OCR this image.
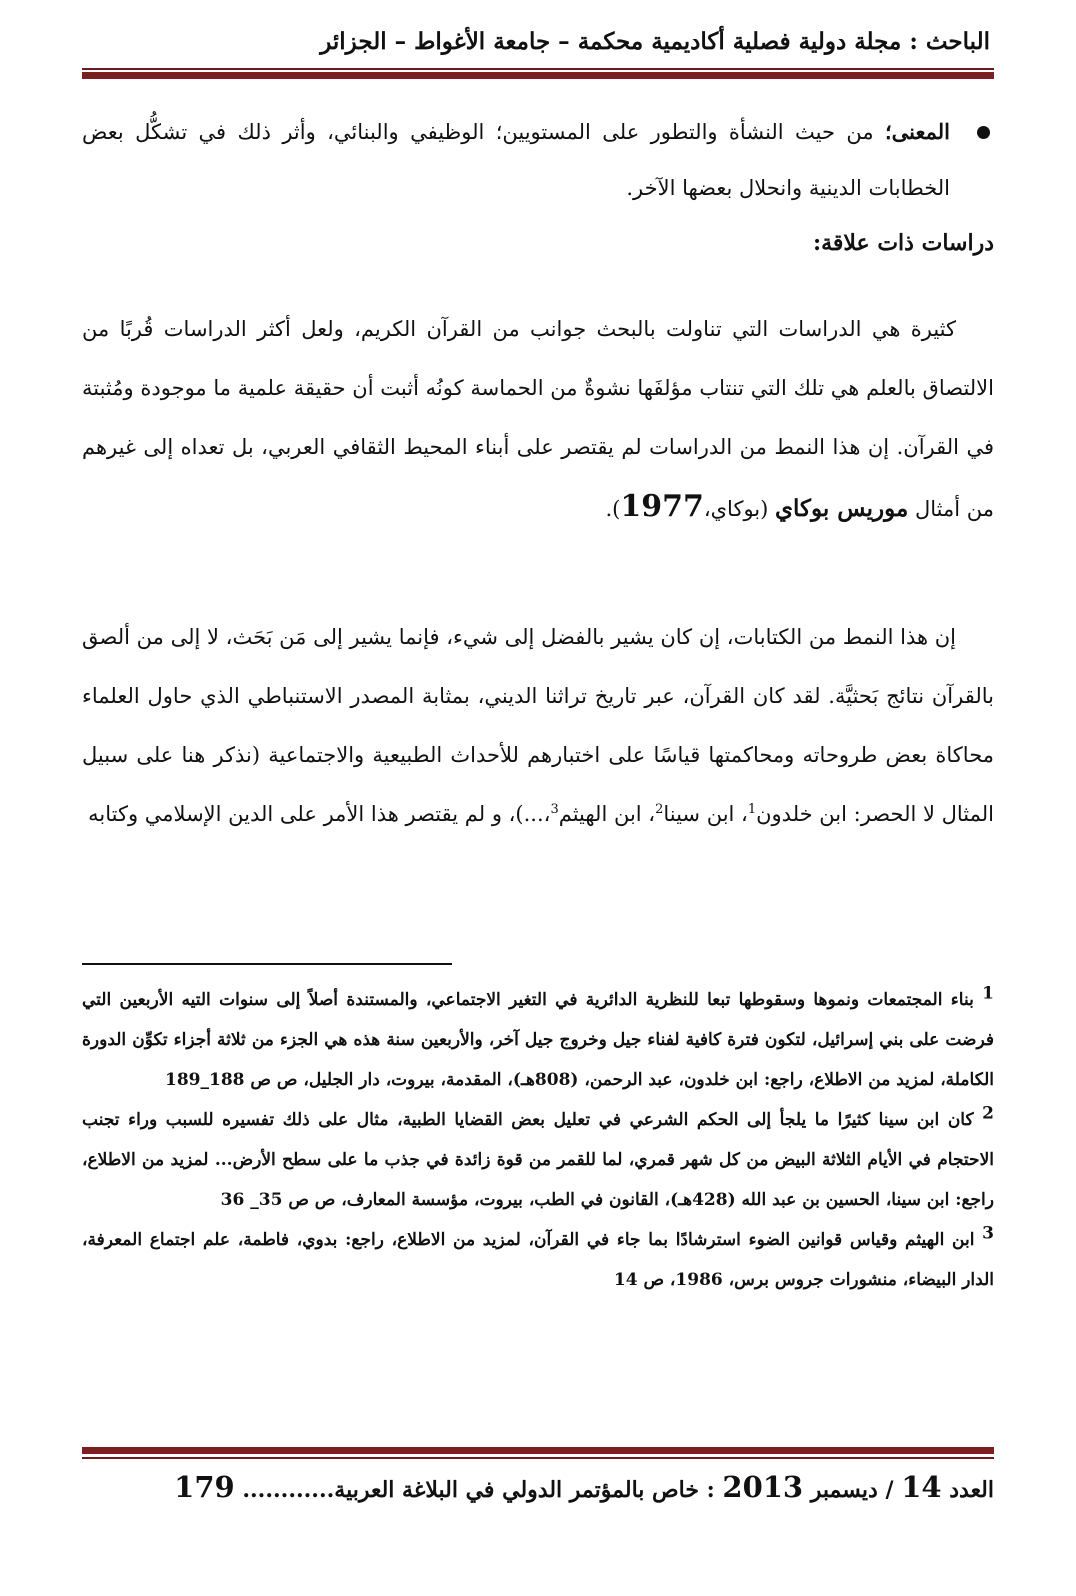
الباحث : مجلة دولية فصلية أكاديمية محكمة – جامعة الأغواط – الجزائر
المعنى؛ من حيث النشأة والتطور على المستويين؛ الوظيفي والبنائي، وأثر ذلك في تشكُّل بعض الخطابات الدينية وانحلال بعضها الآخر.
دراسات ذات علاقة:
كثيرة هي الدراسات التي تناولت بالبحث جوانب من القرآن الكريم، ولعل أكثر الدراسات قُربًا من الالتصاق بالعلم هي تلك التي تنتاب مؤلفَها نشوةٌ من الحماسة كونُه أثبت أن حقيقة علمية ما موجودة ومُثبتة في القرآن. إن هذا النمط من الدراسات لم يقتصر على أبناء المحيط الثقافي العربي، بل تعداه إلى غيرهم من أمثال موريس بوكاي (بوكاي،1977).
إن هذا النمط من الكتابات، إن كان يشير بالفضل إلى شيء، فإنما يشير إلى مَن بَحَث، لا إلى من ألصق بالقرآن نتائج بَحثيَّة. لقد كان القرآن، عبر تاريخ تراثنا الديني، بمثابة المصدر الاستنباطي الذي حاول العلماء محاكاة بعض طروحاته ومحاكمتها قياسًا على اختبارهم للأحداث الطبيعية والاجتماعية (نذكر هنا على سبيل المثال لا الحصر: ابن خلدون$^1$، ابن سينا$^2$، ابن الهيثم$^3$،...)، و لم يقتصر هذا الأمر على الدين الإسلامي وكتابه
$^1$ بناء المجتمعات ونموها وسقوطها تبعا للنظرية الدائرية في التغير الاجتماعي، والمستندة أصلاً إلى سنوات التيه الأربعين التي فرضت على بني إسرائيل، لتكون فترة كافية لفناء جيل وخروج جيل آخر، والأربعين سنة هذه هي الجزء من ثلاثة أجزاء تكوِّن الدورة الكاملة، لمزيد من الاطلاع، راجع: ابن خلدون، عبد الرحمن، (808هـ)، المقدمة، بيروت، دار الجليل، ص ص 188_189
$^2$ كان ابن سينا كثيرًا ما يلجأ إلى الحكم الشرعي في تعليل بعض القضايا الطبية، مثال على ذلك تفسيره للسبب وراء تجنب الاحتجام في الأيام الثلاثة البيض من كل شهر قمري، لما للقمر من قوة زائدة في جذب ما على سطح الأرض... لمزيد من الاطلاع، راجع: ابن سينا، الحسين بن عبد الله (428هـ)، القانون في الطب، بيروت، مؤسسة المعارف، ص ص 35_ 36
$^3$ ابن الهيثم وقياس قوانين الضوء استرشادًا بما جاء في القرآن، لمزيد من الاطلاع، راجع: بدوي، فاطمة، علم اجتماع المعرفة، الدار البيضاء، منشورات جروس برس، 1986، ص 14
العدد 14 / ديسمبر 2013 : خاص بالمؤتمر الدولي في البلاغة العربية............ 179
